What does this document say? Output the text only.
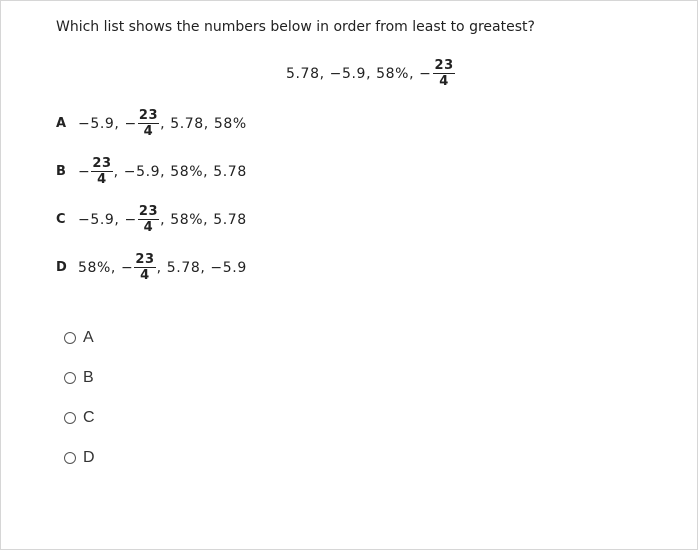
Which list shows the numbers below in order from least to greatest?
5.78, −5.9, 58%, − $\frac{23}{4}$
A −5.9, − $\frac{23}{4}$ , 5.78, 58%
$B - \frac{23}{4}$ , −5.9, 58%, 5.78
C −5.9, − $\frac{23}{4}$ , 58%, 5.78
D 58%, − $\frac{23}{4}$ , 5.78, −5.9
A
B
C
D
